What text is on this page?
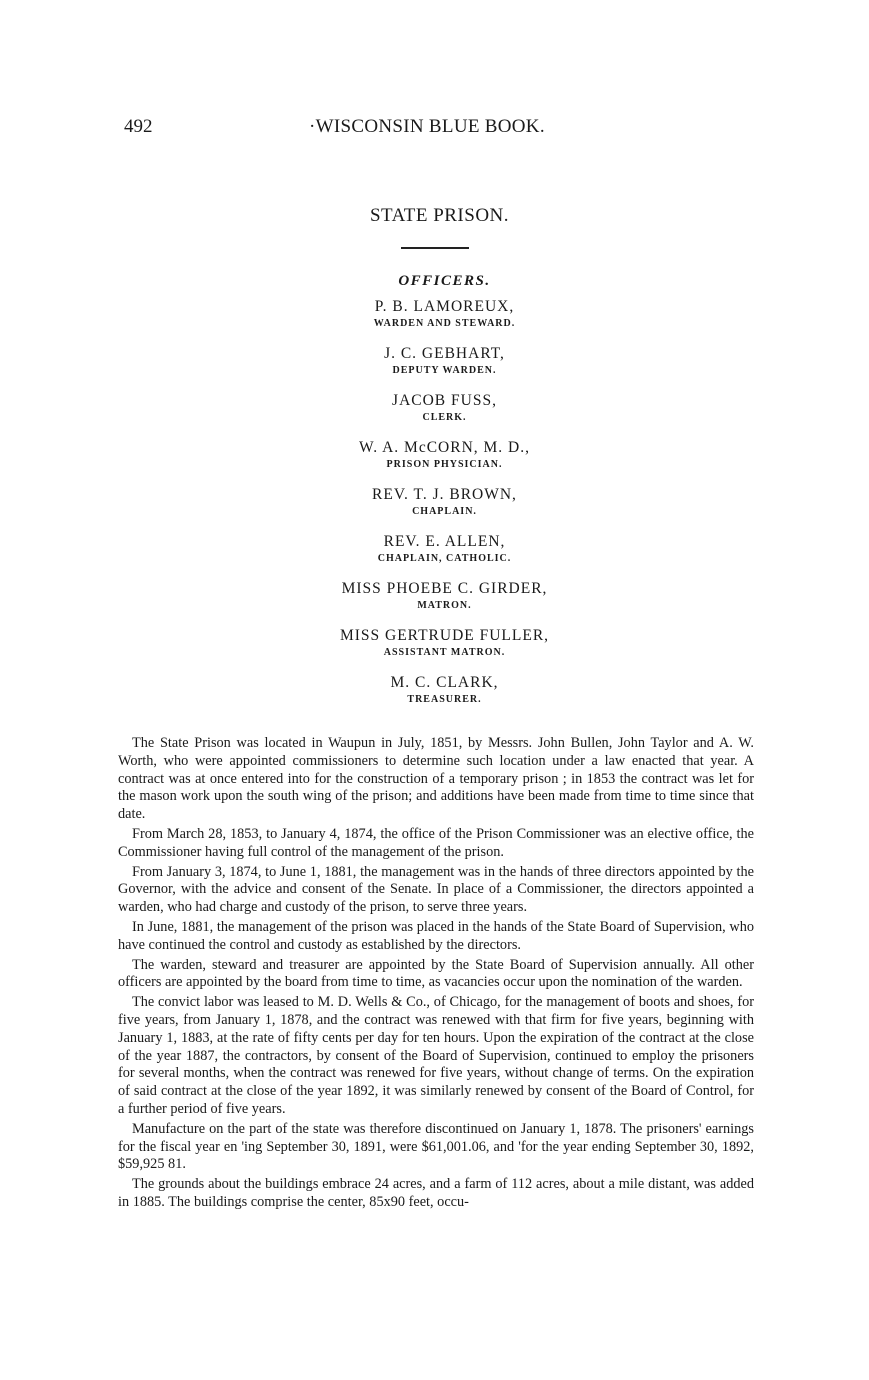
492	·WISCONSIN BLUE BOOK.
STATE PRISON.
OFFICERS.
P. B. LAMOREUX,
WARDEN AND STEWARD.
J. C. GEBHART,
DEPUTY WARDEN.
JACOB FUSS,
CLERK.
W. A. McCORN, M. D.,
PRISON PHYSICIAN.
REV. T. J. BROWN,
CHAPLAIN.
REV. E. ALLEN,
CHAPLAIN, CATHOLIC.
MISS PHOEBE C. GIRDER,
MATRON.
MISS GERTRUDE FULLER,
ASSISTANT MATRON.
M. C. CLARK,
TREASURER.

The State Prison was located in Waupun in July, 1851, by Messrs. John Bullen, John Taylor and A. W. Worth, who were appointed commissioners to determine such location under a law enacted that year. A contract was at once entered into for the construction of a temporary prison ; in 1853 the contract was let for the mason work upon the south wing of the prison; and additions have been made from time to time since that date.

From March 28, 1853, to January 4, 1874, the office of the Prison Commissioner was an elective office, the Commissioner having full control of the management of the prison.

From January 3, 1874, to June 1, 1881, the management was in the hands of three directors appointed by the Governor, with the advice and consent of the Senate. In place of a Commissioner, the directors appointed a warden, who had charge and custody of the prison, to serve three years.

In June, 1881, the management of the prison was placed in the hands of the State Board of Supervision, who have continued the control and custody as established by the directors.

The warden, steward and treasurer are appointed by the State Board of Supervision annually. All other officers are appointed by the board from time to time, as vacancies occur upon the nomination of the warden.

The convict labor was leased to M. D. Wells & Co., of Chicago, for the management of boots and shoes, for five years, from January 1, 1878, and the contract was renewed with that firm for five years, beginning with January 1, 1883, at the rate of fifty cents per day for ten hours. Upon the expiration of the contract at the close of the year 1887, the contractors, by consent of the Board of Supervision, continued to employ the prisoners for several months, when the contract was renewed for five years, without change of terms. On the expiration of said contract at the close of the year 1892, it was similarly renewed by consent of the Board of Control, for a further period of five years.

Manufacture on the part of the state was therefore discontinued on January 1, 1878. The prisoners' earnings for the fiscal year en 'ing September 30, 1891, were $61,001.06, and 'for the year ending September 30, 1892, $59,925 81.

The grounds about the buildings embrace 24 acres, and a farm of 112 acres, about a mile distant, was added in 1885. The buildings comprise the center, 85x90 feet, occu-
